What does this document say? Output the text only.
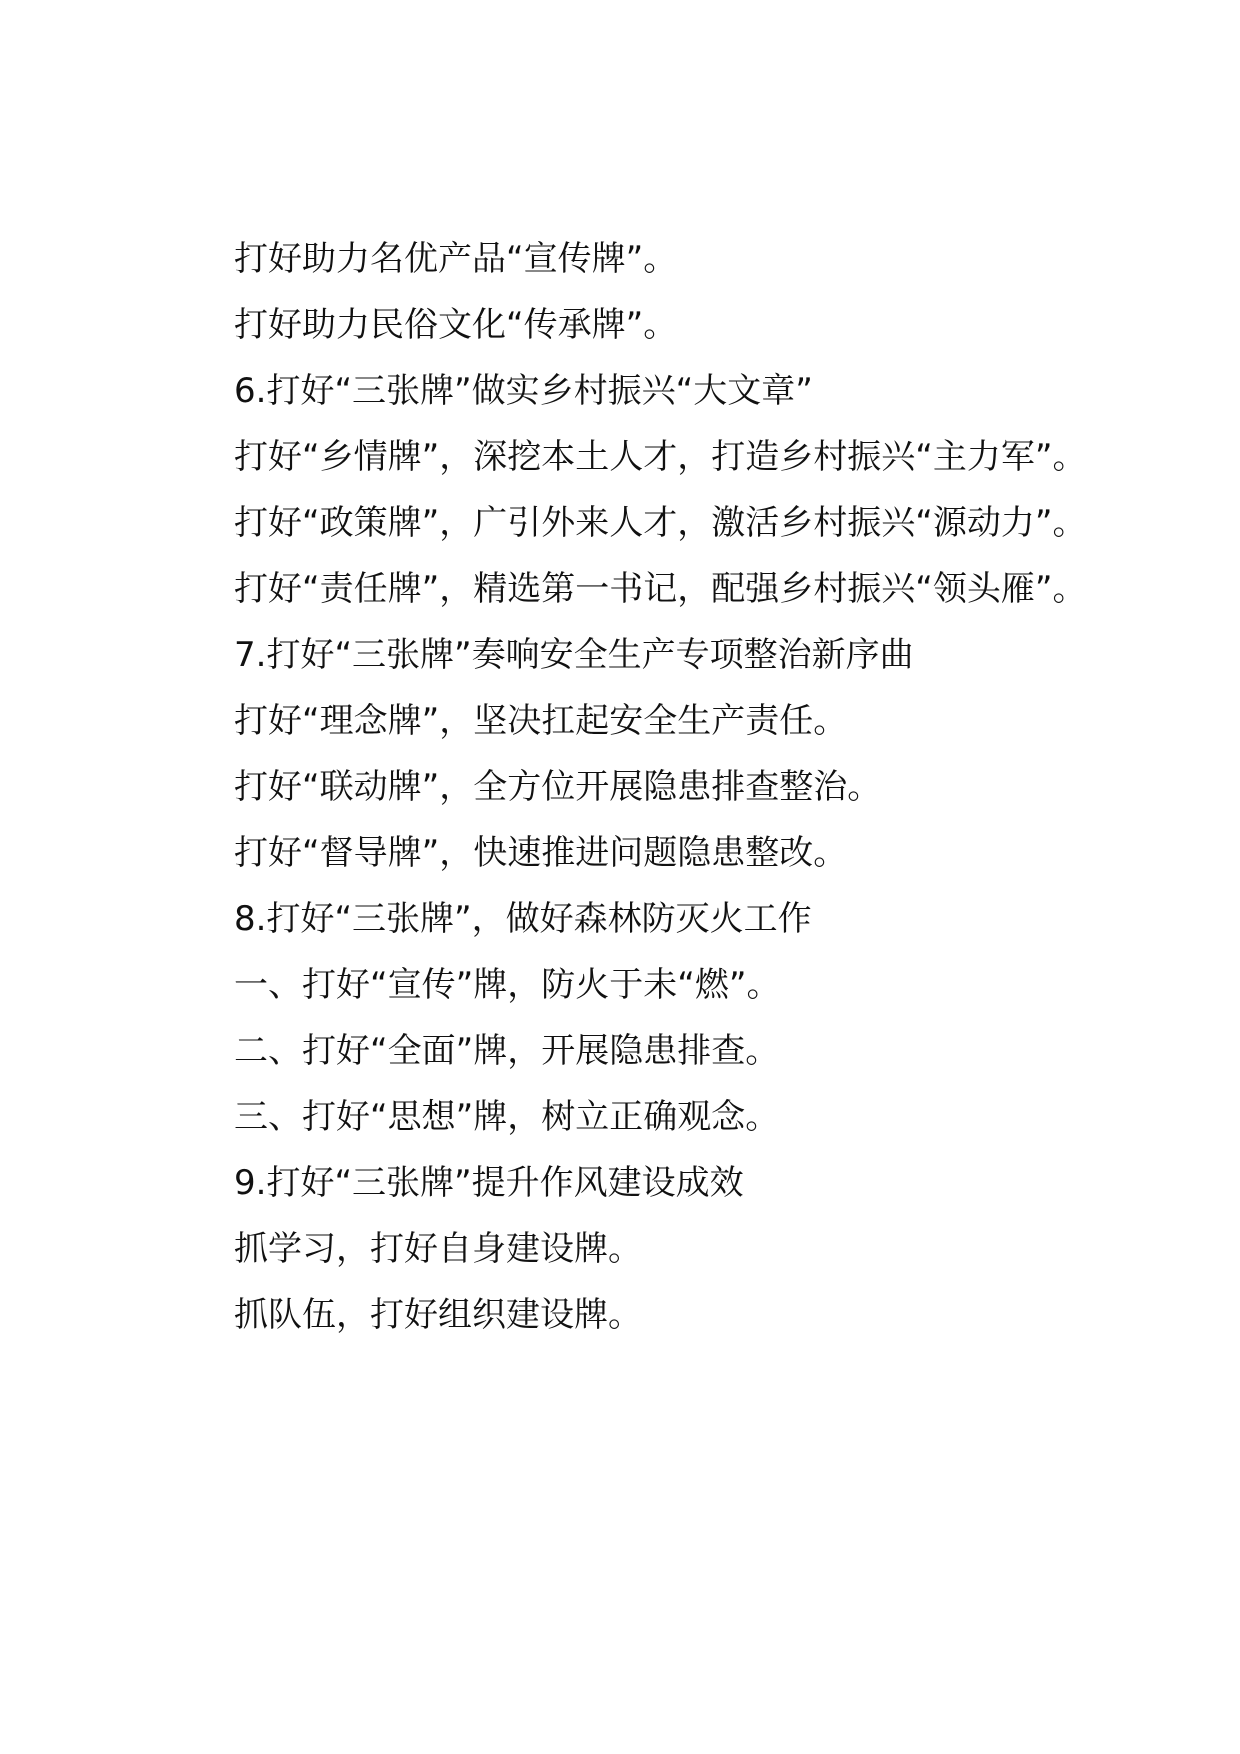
打好助力名优产品“宣传牌”。

打好助力民俗文化“传承牌”。

6.打好“三张牌”做实乡村振兴“大文章”

打好“乡情牌”，深挖本土人才，打造乡村振兴“主力军”。

打好“政策牌”，广引外来人才，激活乡村振兴“源动力”。

打好“责任牌”，精选第一书记，配强乡村振兴“领头雁”。

7.打好“三张牌”奏响安全生产专项整治新序曲

打好“理念牌”，坚决扛起安全生产责任。

打好“联动牌”，全方位开展隐患排查整治。

打好“督导牌”，快速推进问题隐患整改。

8.打好“三张牌”，做好森林防灭火工作

一、打好“宣传”牌，防火于未“燃”。

二、打好“全面”牌，开展隐患排查。

三、打好“思想”牌，树立正确观念。

9.打好“三张牌”提升作风建设成效

抓学习，打好自身建设牌。

抓队伍，打好组织建设牌。
